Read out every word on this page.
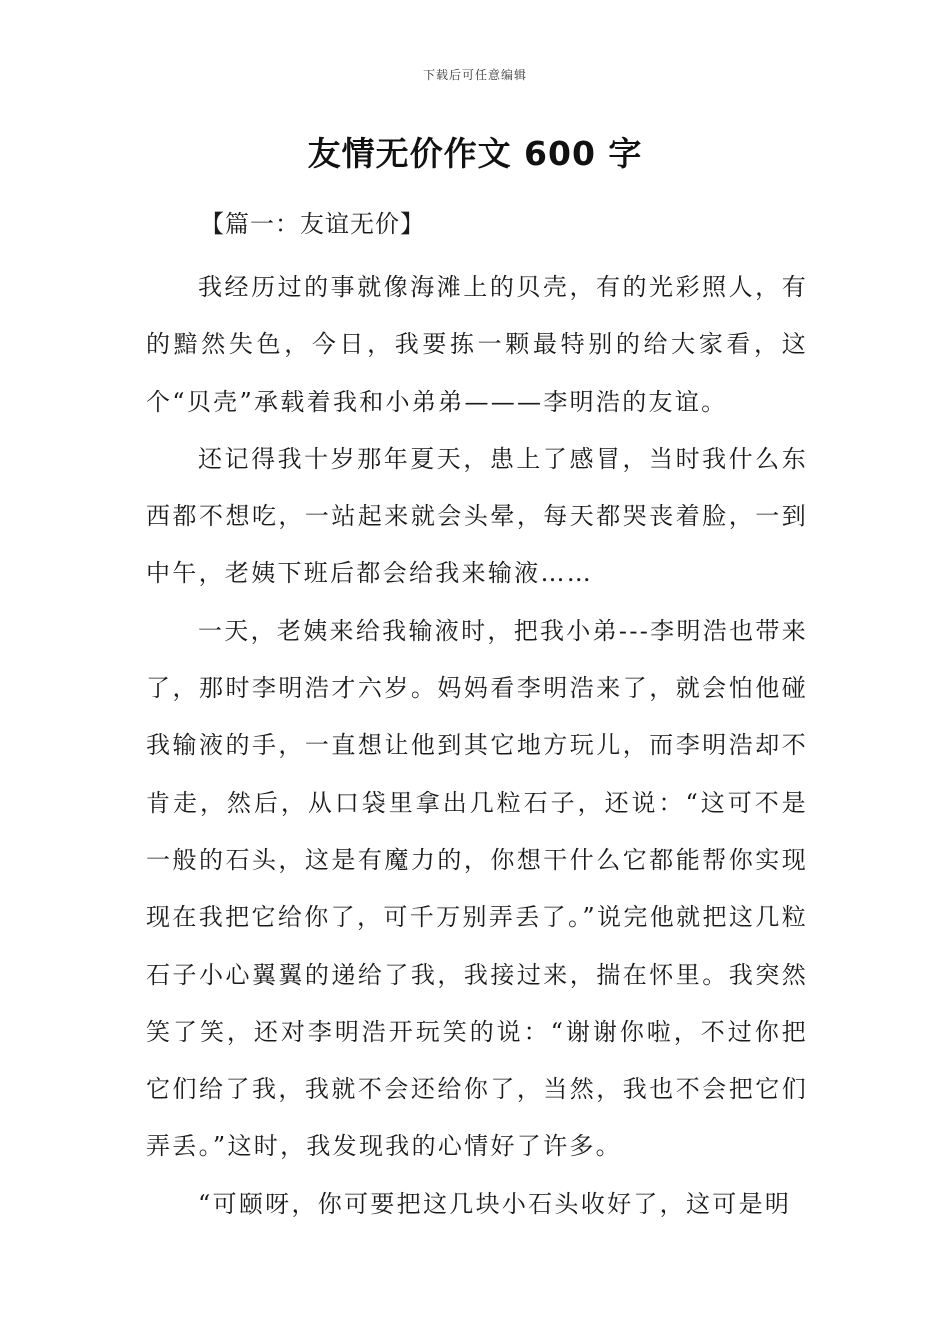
下载后可任意编辑
友情无价作文 600 字
【篇一：友谊无价】

我经历过的事就像海滩上的贝壳，有的光彩照人，有的黯然失色，今日，我要拣一颗最特别的给大家看，这个“贝壳”承载着我和小弟弟———李明浩的友谊。

还记得我十岁那年夏天，患上了感冒，当时我什么东西都不想吃，一站起来就会头晕，每天都哭丧着脸，一到中午，老姨下班后都会给我来输液……

一天，老姨来给我输液时，把我小弟---李明浩也带来了，那时李明浩才六岁。妈妈看李明浩来了，就会怕他碰我输液的手，一直想让他到其它地方玩儿，而李明浩却不肯走，然后，从口袋里拿出几粒石子，还说：“这可不是一般的石头，这是有魔力的，你想干什么它都能帮你实现现在我把它给你了，可千万别弄丢了。”说完他就把这几粒石子小心翼翼的递给了我，我接过来，揣在怀里。我突然笑了笑，还对李明浩开玩笑的说：“谢谢你啦，不过你把它们给了我，我就不会还给你了，当然，我也不会把它们弄丢。”这时，我发现我的心情好了许多。

“可颐呀，你可要把这几块小石头收好了，这可是明
